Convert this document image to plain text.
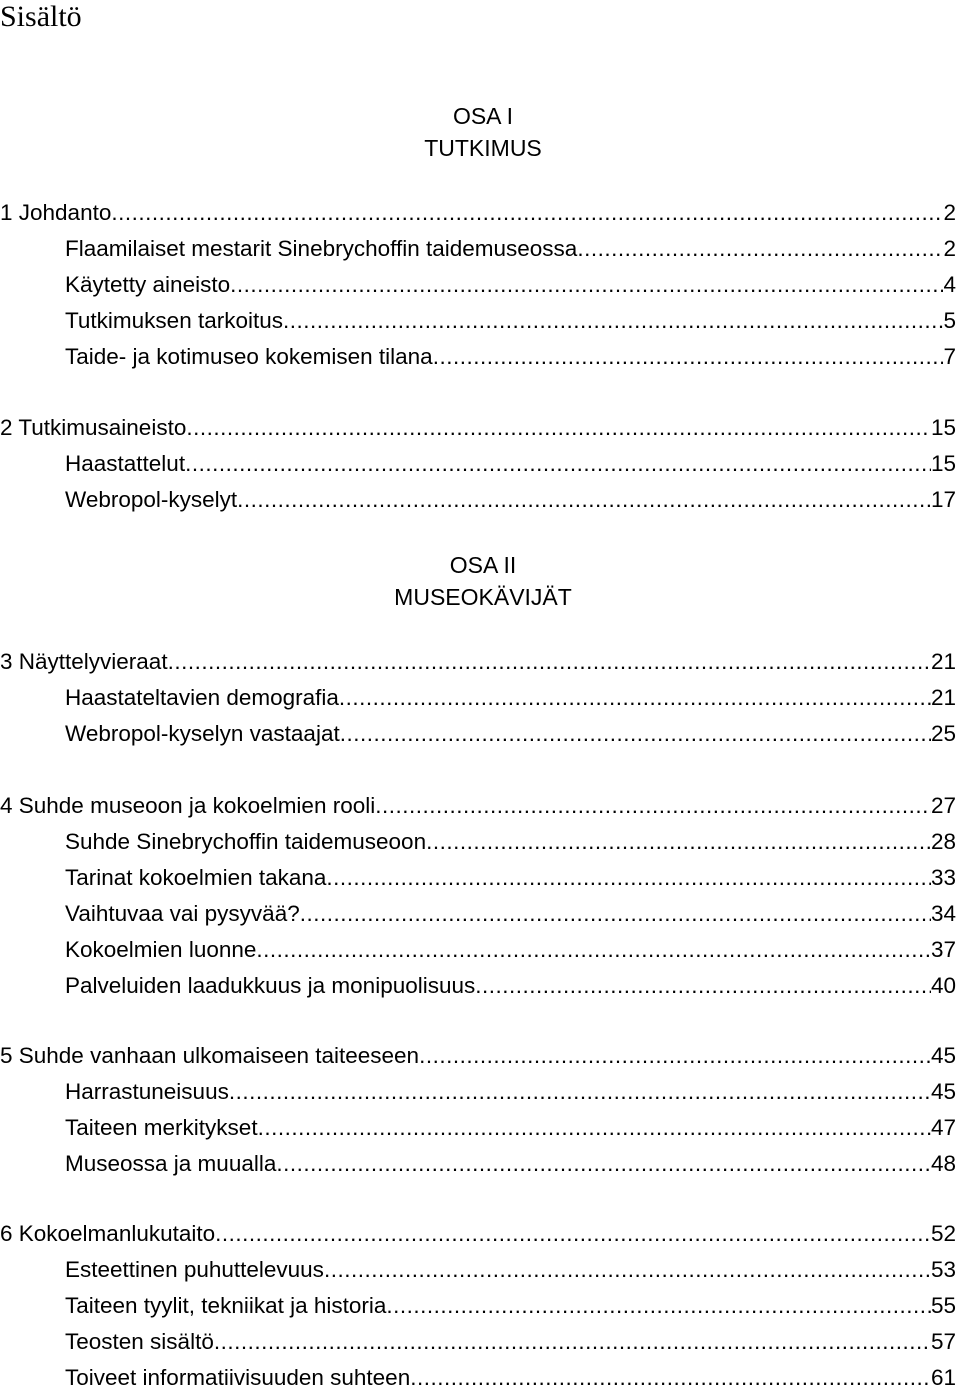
Sisältö
OSA I
TUTKIMUS
OSA II
MUSEOKÄVIJÄT
1 Johdanto .....	2
Flaamilaiset mestarit Sinebrychoffin taidemuseossa .....	2
Käytetty aineisto .....	4
Tutkimuksen tarkoitus .....	5
Taide- ja kotimuseo kokemisen tilana .....	7
2 Tutkimusaineisto .....	15
Haastattelut .....	15
Webropol-kyselyt .....	17
3 Näyttelyvieraat .....	21
Haastateltavien demografia .....	21
Webropol-kyselyn vastaajat .....	25
4 Suhde museoon ja kokoelmien rooli .....	27
Suhde Sinebrychoffin taidemuseoon .....	28
Tarinat kokoelmien takana .....	33
Vaihtuvaa vai pysyvää? .....	34
Kokoelmien luonne .....	37
Palveluiden laadukkuus ja monipuolisuus .....	40
5 Suhde vanhaan ulkomaiseen taiteeseen .....	45
Harrastuneisuus .....	45
Taiteen merkitykset .....	47
Museossa ja muualla .....	48
6 Kokoelmanlukutaito .....	52
Esteettinen puhuttelevuus .....	53
Taiteen tyylit, tekniikat ja historia .....	55
Teosten sisältö .....	57
Toiveet informatiivisuuden suhteen .....	61
